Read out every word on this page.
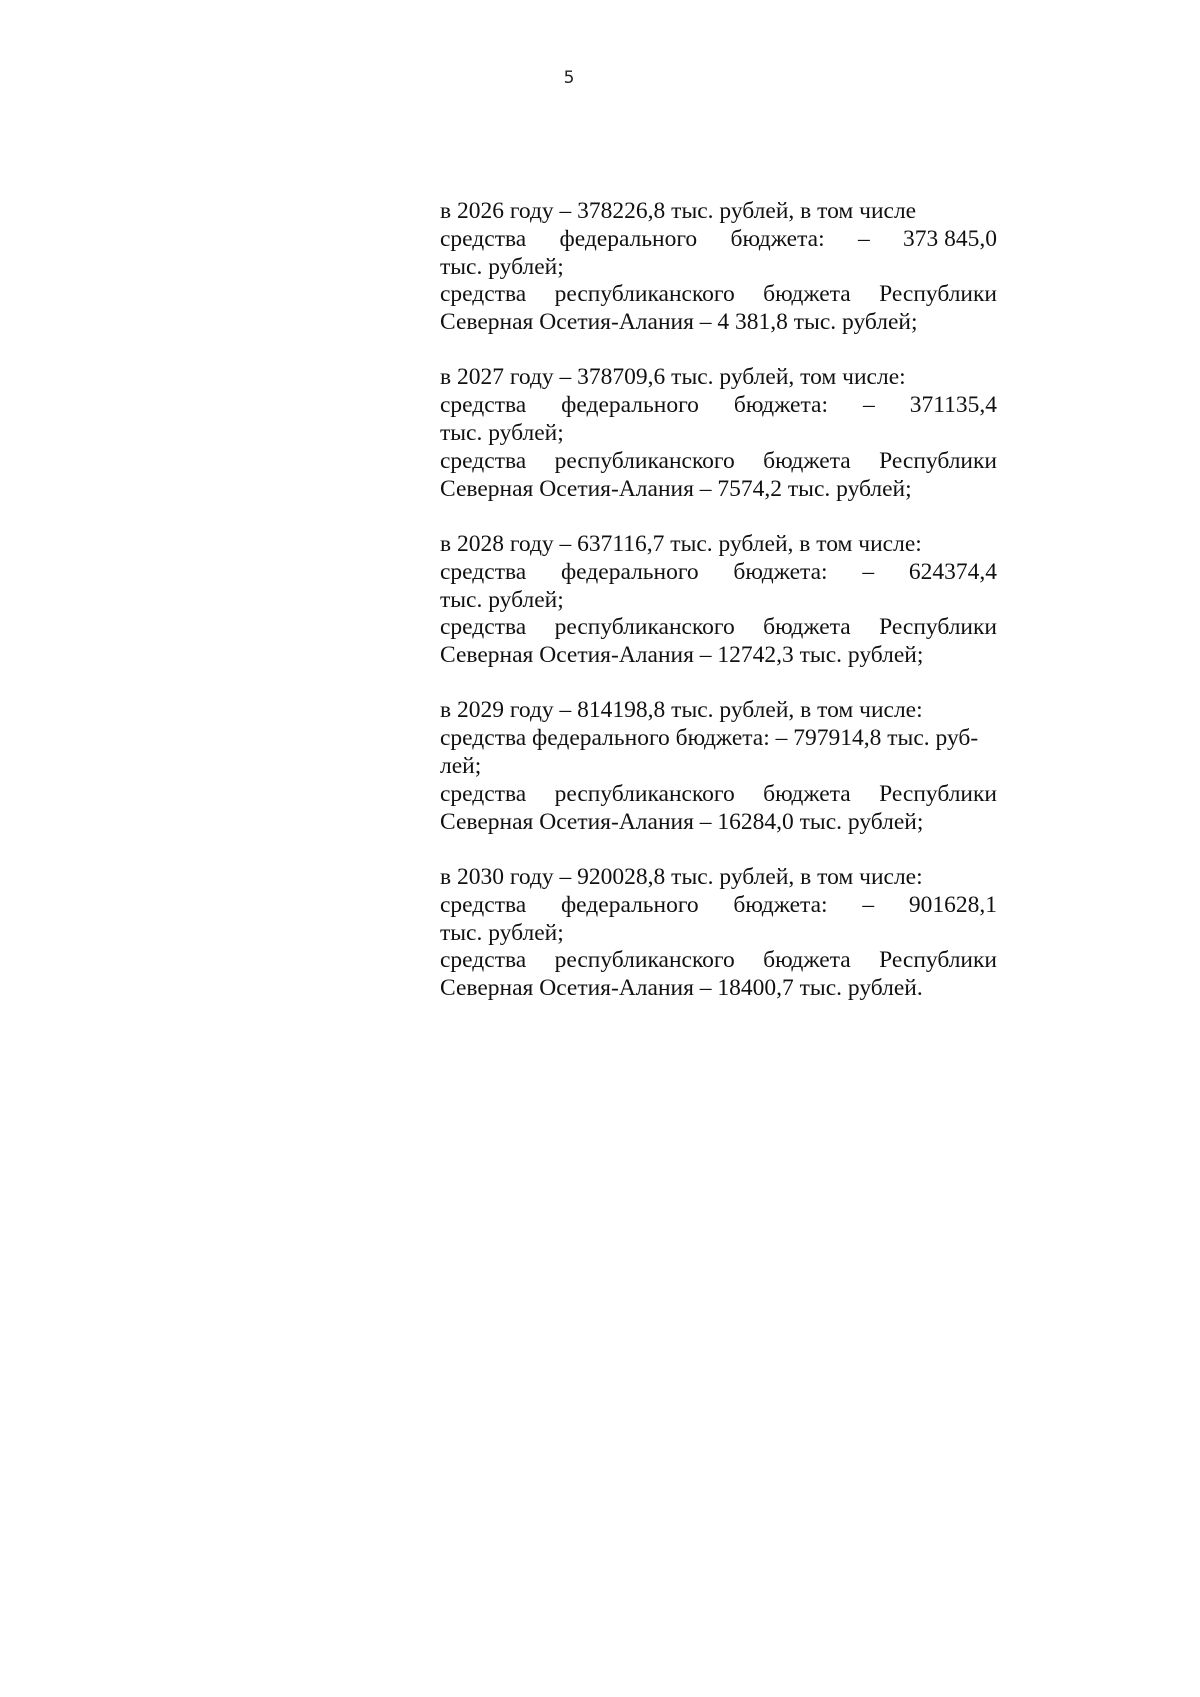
5
в 2026 году – 378226,8 тыс. рублей, в том числе
средства федерального бюджета: – 373 845,0
тыс. рублей;
средства республиканского бюджета Республики
Северная Осетия-Алания – 4 381,8 тыс. рублей;
в 2027 году – 378709,6 тыс. рублей, том числе:
средства федерального бюджета: – 371135,4
тыс. рублей;
средства республиканского бюджета Республики
Северная Осетия-Алания – 7574,2 тыс. рублей;
в 2028 году – 637116,7 тыс. рублей, в том числе:
средства федерального бюджета: – 624374,4
тыс. рублей;
средства республиканского бюджета Республики
Северная Осетия-Алания – 12742,3 тыс. рублей;
в 2029 году – 814198,8 тыс. рублей, в том числе:
средства федерального бюджета: – 797914,8 тыс. руб-
лей;
средства республиканского бюджета Республики
Северная Осетия-Алания – 16284,0 тыс. рублей;
в 2030 году – 920028,8 тыс. рублей, в том числе:
средства федерального бюджета: – 901628,1
тыс. рублей;
средства республиканского бюджета Республики
Северная Осетия-Алания – 18400,7 тыс. рублей.
